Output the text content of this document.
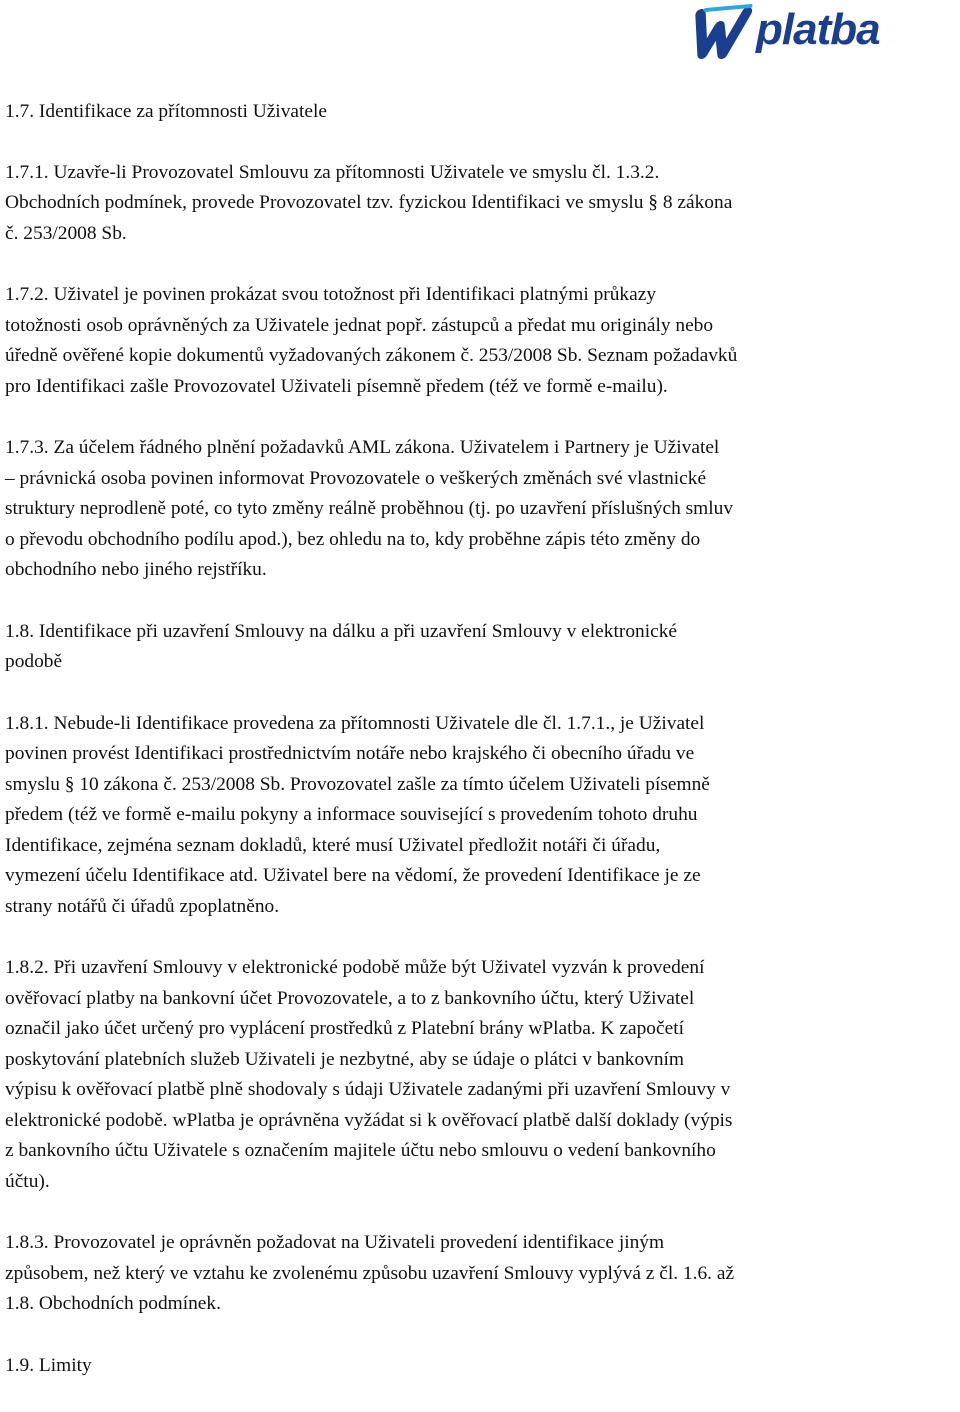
platba

1.7. Identifikace za přítomnosti Uživatele

1.7.1. Uzavře-li Provozovatel Smlouvu za přítomnosti Uživatele ve smyslu čl. 1.3.2.
Obchodních podmínek, provede Provozovatel tzv. fyzickou Identifikaci ve smyslu § 8 zákona
č. 253/2008 Sb.

1.7.2. Uživatel je povinen prokázat svou totožnost při Identifikaci platnými průkazy
totožnosti osob oprávněných za Uživatele jednat popř. zástupců a předat mu originály nebo
úředně ověřené kopie dokumentů vyžadovaných zákonem č. 253/2008 Sb. Seznam požadavků
pro Identifikaci zašle Provozovatel Uživateli písemně předem (též ve formě e-mailu).

1.7.3. Za účelem řádného plnění požadavků AML zákona. Uživatelem i Partnery je Uživatel
– právnická osoba povinen informovat Provozovatele o veškerých změnách své vlastnické
struktury neprodleně poté, co tyto změny reálně proběhnou (tj. po uzavření příslušných smluv
o převodu obchodního podílu apod.), bez ohledu na to, kdy proběhne zápis této změny do
obchodního nebo jiného rejstříku.

1.8. Identifikace při uzavření Smlouvy na dálku a při uzavření Smlouvy v elektronické
podobě

1.8.1. Nebude-li Identifikace provedena za přítomnosti Uživatele dle čl. 1.7.1., je Uživatel
povinen provést Identifikaci prostřednictvím notáře nebo krajského či obecního úřadu ve
smyslu § 10 zákona č. 253/2008 Sb. Provozovatel zašle za tímto účelem Uživateli písemně
předem (též ve formě e-mailu pokyny a informace související s provedením tohoto druhu
Identifikace, zejména seznam dokladů, které musí Uživatel předložit notáři či úřadu,
vymezení účelu Identifikace atd. Uživatel bere na vědomí, že provedení Identifikace je ze
strany notářů či úřadů zpoplatněno.

1.8.2. Při uzavření Smlouvy v elektronické podobě může být Uživatel vyzván k provedení
ověřovací platby na bankovní účet Provozovatele, a to z bankovního účtu, který Uživatel
označil jako účet určený pro vyplácení prostředků z Platební brány wPlatba. K započetí
poskytování platebních služeb Uživateli je nezbytné, aby se údaje o plátci v bankovním
výpisu k ověřovací platbě plně shodovaly s údaji Uživatele zadanými při uzavření Smlouvy v
elektronické podobě. wPlatba je oprávněna vyžádat si k ověřovací platbě další doklady (výpis
z bankovního účtu Uživatele s označením majitele účtu nebo smlouvu o vedení bankovního
účtu).

1.8.3. Provozovatel je oprávněn požadovat na Uživateli provedení identifikace jiným
způsobem, než který ve vztahu ke zvolenému způsobu uzavření Smlouvy vyplývá z čl. 1.6. až
1.8. Obchodních podmínek.

1.9. Limity
